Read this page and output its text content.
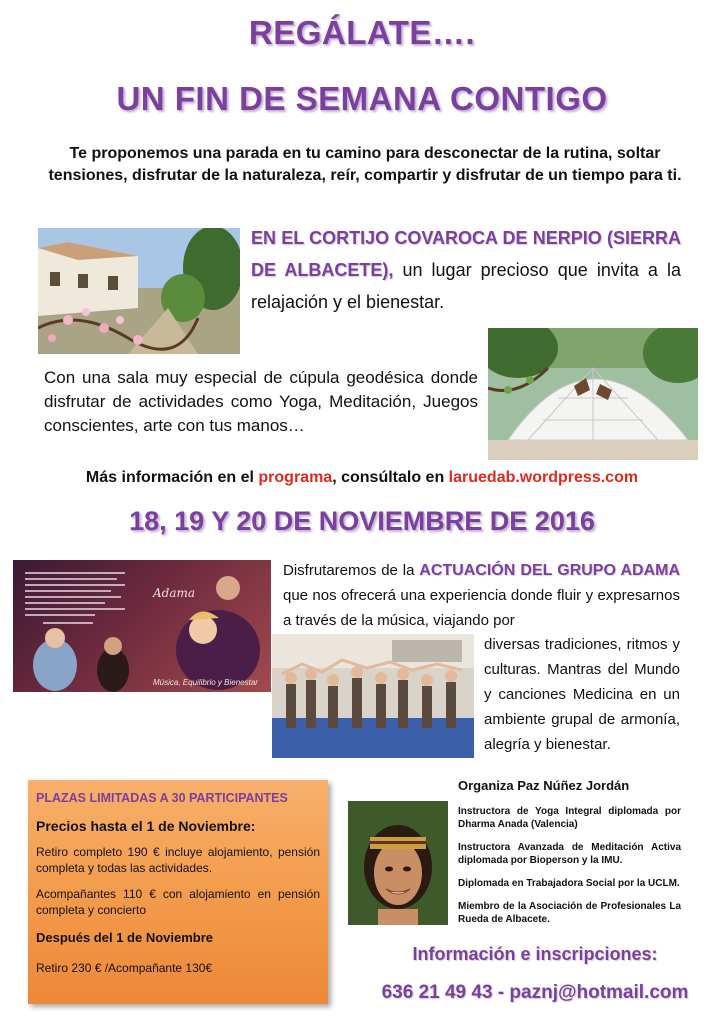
REGÁLATE….
UN FIN DE SEMANA CONTIGO
Te proponemos una parada en tu camino para desconectar de la rutina, soltar tensiones, disfrutar de la naturaleza, reír, compartir y disfrutar de un tiempo para ti.
EN EL CORTIJO COVAROCA DE NERPIO (SIERRA DE ALBACETE), un lugar precioso que invita a la relajación y el bienestar.
Con una sala muy especial de cúpula geodésica donde disfrutar de actividades como Yoga, Meditación, Juegos conscientes, arte con tus manos…
Más información en el programa, consúltalo en laruedab.wordpress.com
18, 19 Y 20 DE NOVIEMBRE DE 2016
Adama
Música, Equilibrio y Bienestar
Disfrutaremos de la ACTUACIÓN DEL GRUPO ADAMA que nos ofrecerá una experiencia donde fluir y expresarnos a través de la música, viajando por
diversas tradiciones, ritmos y culturas. Mantras del Mundo y canciones Medicina en un ambiente grupal de armonía, alegría y bienestar.
PLAZAS LIMITADAS A 30 PARTICIPANTES
Precios hasta el 1 de Noviembre:
Retiro completo 190 € incluye alojamiento, pensión completa y todas las actividades.
Acompañantes 110 € con alojamiento en pensión completa y concierto
Después del 1 de Noviembre
Retiro 230 € /Acompañante 130€
Organiza Paz Núñez Jordán
Instructora de Yoga Integral diplomada por Dharma Anada (Valencia)
Instructora Avanzada de Meditación Activa diplomada por Bioperson y la IMU.
Diplomada en Trabajadora Social por la UCLM.
Miembro de la Asociación de Profesionales La Rueda de Albacete.
Información e inscripciones:
636 21 49 43 - paznj@hotmail.com
